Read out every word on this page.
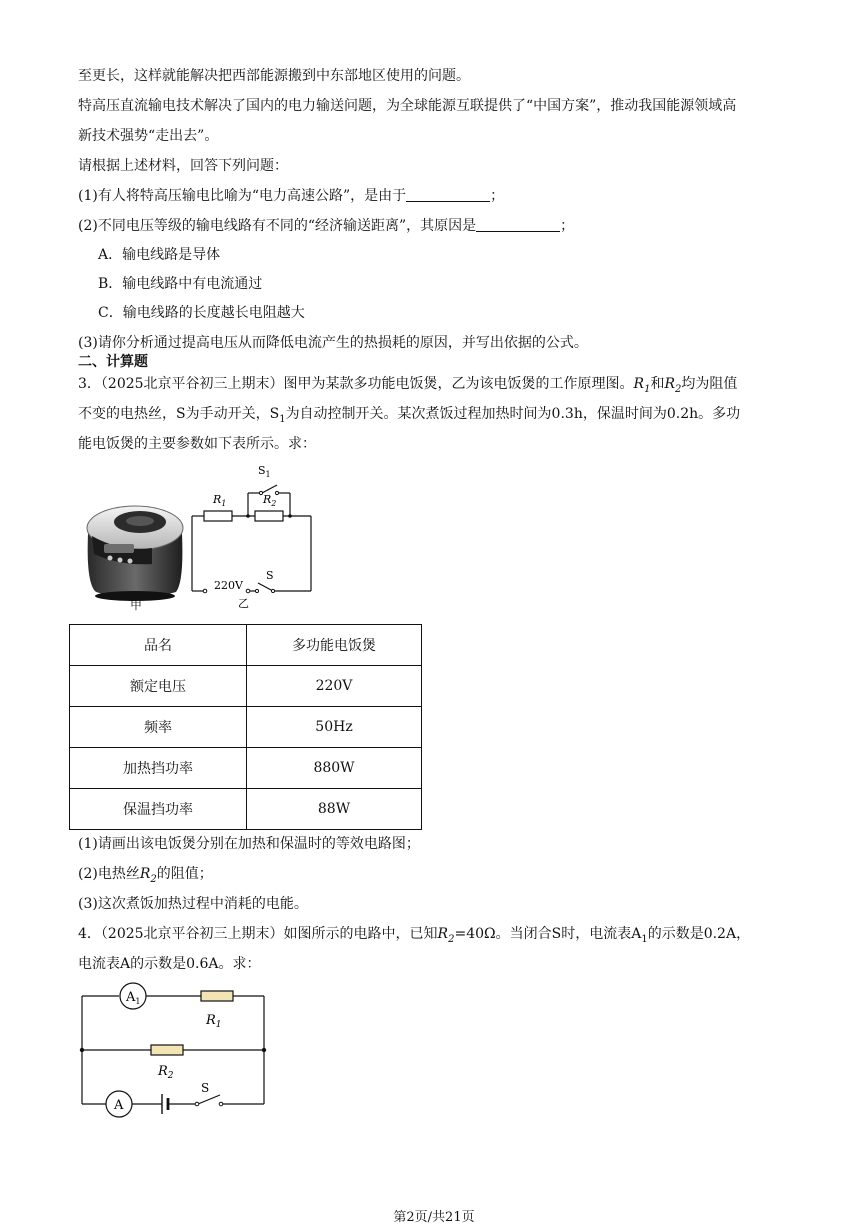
至更长，这样就能解决把西部能源搬到中东部地区使用的问题。
特高压直流输电技术解决了国内的电力输送问题，为全球能源互联提供了“中国方案”，推动我国能源领域高
新技术强势“走出去”。
请根据上述材料，回答下列问题：
(1)有人将特高压输电比喻为“电力高速公路”，是由于	；
(2)不同电压等级的输电线路有不同的“经济输送距离”，其原因是	；
A．输电线路是导体
B．输电线路中有电流通过
C．输电线路的长度越长电阻越大
(3)请你分析通过提高电压从而降低电流产生的热损耗的原因，并写出依据的公式。
二、计算题
3．（2025北京平谷初三上期末）图甲为某款多功能电饭煲，乙为该电饭煲的工作原理图。$R_1$和$R_2$均为阻值
不变的电热丝，S为手动开关，$S_1$为自动控制开关。某次煮饭过程加热时间为0.3h，保温时间为0.2h。多功
能电饭煲的主要参数如下表所示。求：
甲
$S_1$
$R_1$	$R_2$
220V
S
乙
品名	多功能电饭煲
额定电压	220V
频率	50Hz
加热挡功率	880W
保温挡功率	88W
(1)请画出该电饭煲分别在加热和保温时的等效电路图；
(2)电热丝$R_2$的阻值；
(3)这次煮饭加热过程中消耗的电能。
4．（2025北京平谷初三上期末）如图所示的电路中，已知$R_2=40\Omega$。当闭合S时，电流表$A_1$的示数是0.2A，
电流表A的示数是0.6A。求：
$A_1$
$R_1$
$R_2$
A
S
第2页/共21页
